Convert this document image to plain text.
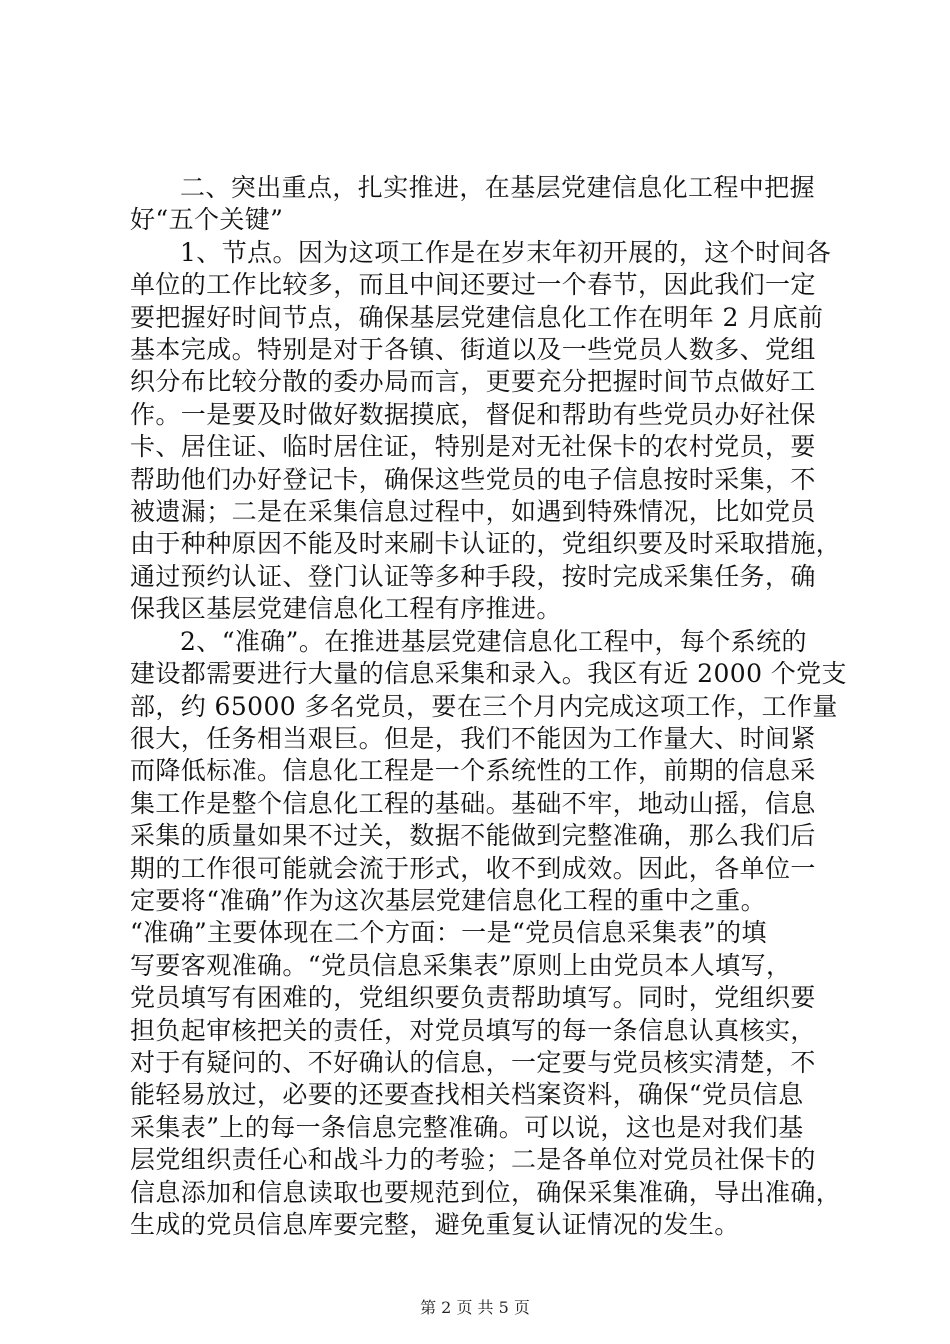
二、突出重点，扎实推进，在基层党建信息化工程中把握
好“五个关键”

1、节点。因为这项工作是在岁末年初开展的，这个时间各
单位的工作比较多，而且中间还要过一个春节，因此我们一定
要把握好时间节点，确保基层党建信息化工作在明年 2 月底前
基本完成。特别是对于各镇、街道以及一些党员人数多、党组
织分布比较分散的委办局而言，更要充分把握时间节点做好工
作。一是要及时做好数据摸底，督促和帮助有些党员办好社保
卡、居住证、临时居住证，特别是对无社保卡的农村党员，要
帮助他们办好登记卡，确保这些党员的电子信息按时采集，不
被遗漏；二是在采集信息过程中，如遇到特殊情况，比如党员
由于种种原因不能及时来刷卡认证的，党组织要及时采取措施，
通过预约认证、登门认证等多种手段，按时完成采集任务，确
保我区基层党建信息化工程有序推进。

2、“准确”。在推进基层党建信息化工程中，每个系统的
建设都需要进行大量的信息采集和录入。我区有近 2000 个党支
部，约 65000 多名党员，要在三个月内完成这项工作，工作量
很大，任务相当艰巨。但是，我们不能因为工作量大、时间紧
而降低标准。信息化工程是一个系统性的工作，前期的信息采
集工作是整个信息化工程的基础。基础不牢，地动山摇，信息
采集的质量如果不过关，数据不能做到完整准确，那么我们后
期的工作很可能就会流于形式，收不到成效。因此，各单位一
定要将“准确”作为这次基层党建信息化工程的重中之重。
“准确”主要体现在二个方面：一是“党员信息采集表”的填
写要客观准确。“党员信息采集表”原则上由党员本人填写，
党员填写有困难的，党组织要负责帮助填写。同时，党组织要
担负起审核把关的责任，对党员填写的每一条信息认真核实，
对于有疑问的、不好确认的信息，一定要与党员核实清楚，不
能轻易放过，必要的还要查找相关档案资料，确保“党员信息
采集表”上的每一条信息完整准确。可以说，这也是对我们基
层党组织责任心和战斗力的考验；二是各单位对党员社保卡的
信息添加和信息读取也要规范到位，确保采集准确，导出准确，
生成的党员信息库要完整，避免重复认证情况的发生。

第 2 页 共 5 页
